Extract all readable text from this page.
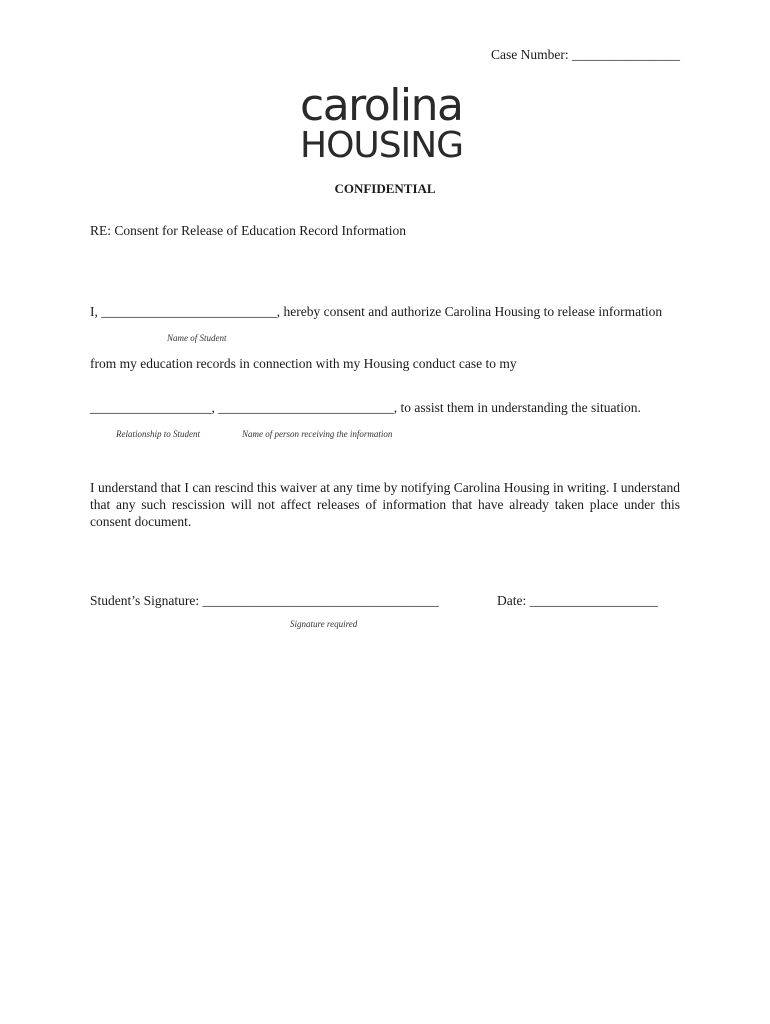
Case Number: ________________
carolina
HOUSING
CONFIDENTIAL
RE: Consent for Release of Education Record Information
I, __________________________, hereby consent and authorize Carolina Housing to release information
Name of Student
from my education records in connection with my Housing conduct case to my
__________________, __________________________, to assist them in understanding the situation.
Relationship to Student	Name of person receiving the information
I understand that I can rescind this waiver at any time by notifying Carolina Housing in writing. I understand that any such rescission will not affect releases of information that have already taken place under this consent document.
Student’s Signature: ___________________________________	Date: ___________________
Signature required
